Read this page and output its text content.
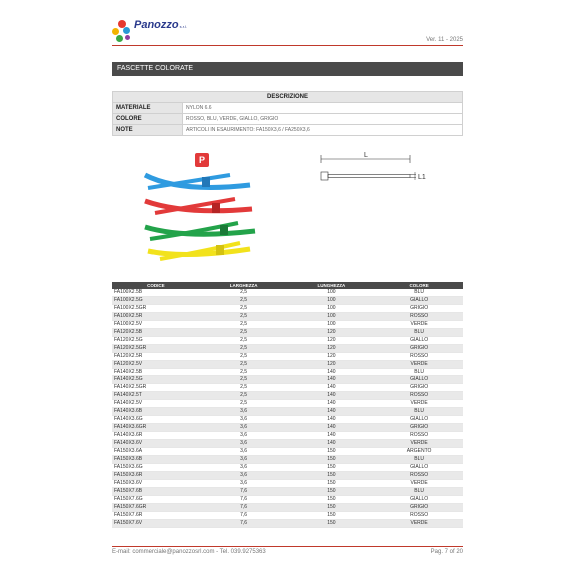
Panozzos.r.l.
Ver. 11 - 2025
FASCETTE COLORATE
DESCRIZIONE	
MATERIALE	NYLON 6.6
COLORE	ROSSO, BLU, VERDE, GIALLO, GRIGIO
NOTE	ARTICOLI IN ESAURIMENTO: FA150X3,6 / FA250X3,6
P	L
L1
CODICE	LARGHEZZA	LUNGHEZZA	COLORE
FA100X2.5B	2,5	100	BLU
FA100X2.5G	2,5	100	GIALLO
FA100X2.5GR	2,5	100	GRIGIO
FA100X2.5R	2,5	100	ROSSO
FA100X2.5V	2,5	100	VERDE
FA120X2.5B	2,5	120	BLU
FA120X2.5G	2,5	120	GIALLO
FA120X2.5GR	2,5	120	GRIGIO
FA120X2.5R	2,5	120	ROSSO
FA120X2.5V	2,5	120	VERDE
FA140X2.5B	2,5	140	BLU
FA140X2.5G	2,5	140	GIALLO
FA140X2.5GR	2,5	140	GRIGIO
FA140X2.5T	2,5	140	ROSSO
FA140X2.5V	2,5	140	VERDE
FA140X3.6B	3,6	140	BLU
FA140X3.6G	3,6	140	GIALLO
FA140X3.6GR	3,6	140	GRIGIO
FA140X3.6R	3,6	140	ROSSO
FA140X3.6V	3,6	140	VERDE
FA150X3.6A	3,6	150	ARGENTO
FA150X3.6B	3,6	150	BLU
FA150X3.6G	3,6	150	GIALLO
FA150X3.6R	3,6	150	ROSSO
FA150X3.6V	3,6	150	VERDE
FA150X7.6B	7,6	150	BLU
FA150X7.6G	7,6	150	GIALLO
FA150X7.6GR	7,6	150	GRIGIO
FA150X7.6R	7,6	150	ROSSO
FA150X7.6V	7,6	150	VERDE
E-mail: commerciale@panozzosrl.com - Tel. 039.9275363	Pag. 7 of 20
